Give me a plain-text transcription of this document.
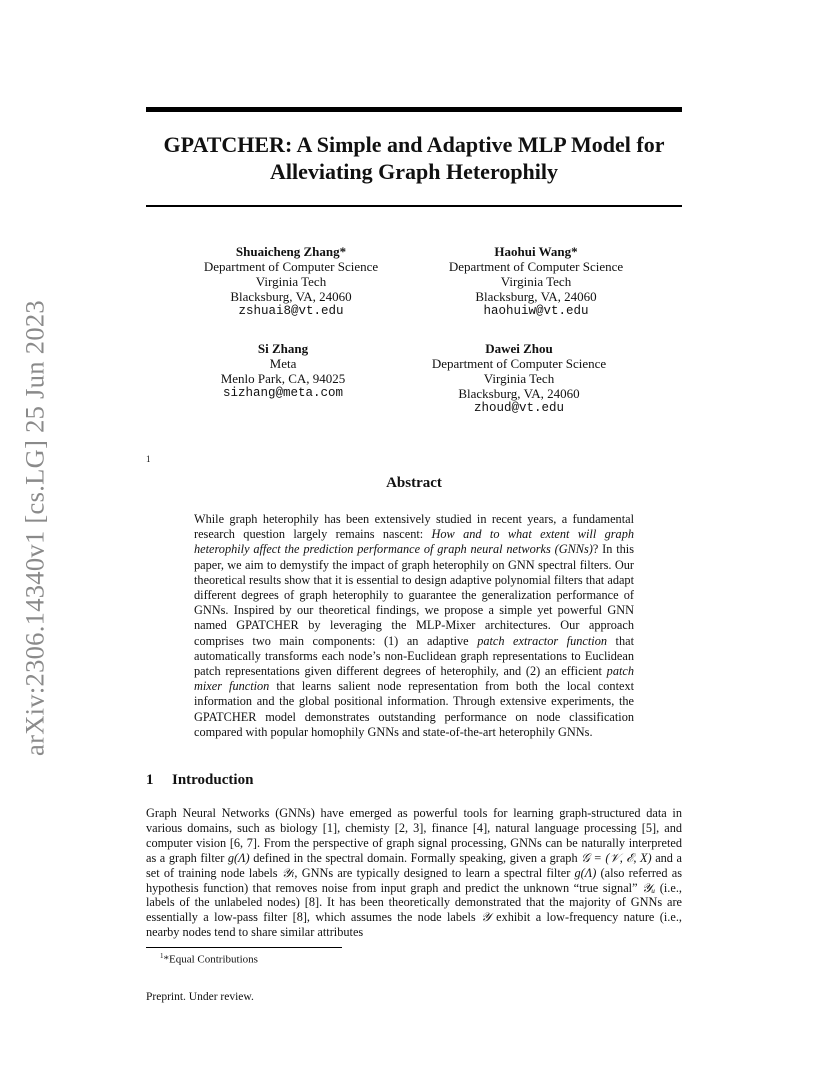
arXiv:2306.14340v1 [cs.LG] 25 Jun 2023
GPATCHER: A Simple and Adaptive MLP Model for
Alleviating Graph Heterophily
Shuaicheng Zhang*
Department of Computer Science
Virginia Tech
Blacksburg, VA, 24060
zshuai8@vt.edu
Haohui Wang*
Department of Computer Science
Virginia Tech
Blacksburg, VA, 24060
haohuiw@vt.edu
Si Zhang
Meta
Menlo Park, CA, 94025
sizhang@meta.com
Dawei Zhou
Department of Computer Science
Virginia Tech
Blacksburg, VA, 24060
zhoud@vt.edu
1
Abstract
While graph heterophily has been extensively studied in recent years, a fundamental research question largely remains nascent: How and to what extent will graph heterophily affect the prediction performance of graph neural networks (GNNs)? In this paper, we aim to demystify the impact of graph heterophily on GNN spectral filters. Our theoretical results show that it is essential to design adaptive polynomial filters that adapt different degrees of graph heterophily to guarantee the generalization performance of GNNs. Inspired by our theoretical findings, we propose a simple yet powerful GNN named GPATCHER by leveraging the MLP-Mixer architectures. Our approach comprises two main components: (1) an adaptive patch extractor function that automatically transforms each node’s non-Euclidean graph representations to Euclidean patch representations given different degrees of heterophily, and (2) an efficient patch mixer function that learns salient node representation from both the local context information and the global positional information. Through extensive experiments, the GPATCHER model demonstrates outstanding performance on node classification compared with popular homophily GNNs and state-of-the-art heterophily GNNs.
1 Introduction
Graph Neural Networks (GNNs) have emerged as powerful tools for learning graph-structured data in various domains, such as biology [1], chemisty [2, 3], finance [4], natural language processing [5], and computer vision [6, 7]. From the perspective of graph signal processing, GNNs can be naturally interpreted as a graph filter g(Λ) defined in the spectral domain. Formally speaking, given a graph 𝒢 = (𝒱, ℰ, X) and a set of training node labels 𝒴ₗ, GNNs are typically designed to learn a spectral filter g(Λ) (also referred as hypothesis function) that removes noise from input graph and predict the unknown “true signal” 𝒴ᵤ (i.e., labels of the unlabeled nodes) [8]. It has been theoretically demonstrated that the majority of GNNs are essentially a low-pass filter [8], which assumes the node labels 𝒴 exhibit a low-frequency nature (i.e., nearby nodes tend to share similar attributes
$^1$*Equal Contributions
Preprint. Under review.
